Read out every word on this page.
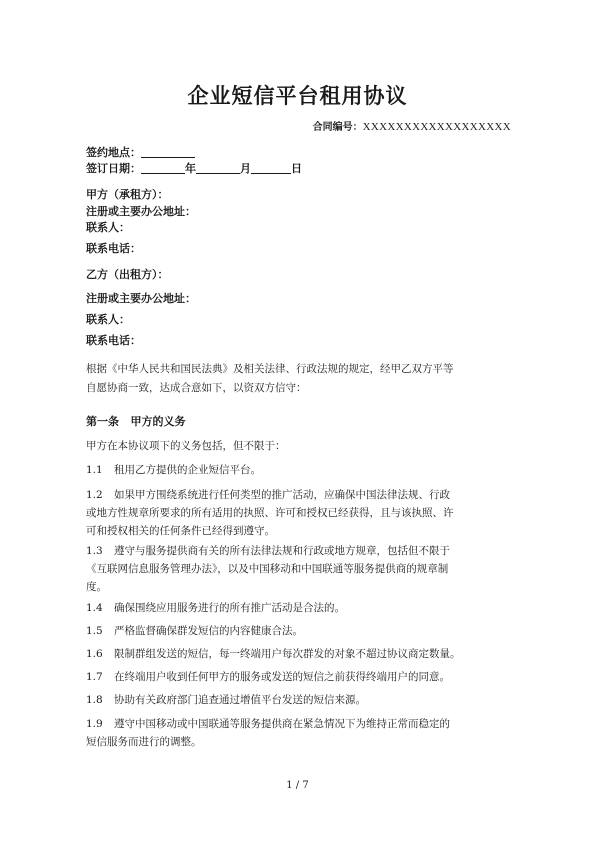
企业短信平台租用协议
合同编号：XXXXXXXXXXXXXXXXXX
签约地点：
签订日期：	年	月	日
甲方（承租方）：
注册或主要办公地址：
联系人：
联系电话：
乙方（出租方）：
注册或主要办公地址：
联系人：
联系电话：
根据《中华人民共和国民法典》及相关法律、行政法规的规定，经甲乙双方平等
自愿协商一致，达成合意如下，以资双方信守：
第一条 甲方的义务
甲方在本协议项下的义务包括，但不限于：
1.1 租用乙方提供的企业短信平台。
1.2 如果甲方围绕系统进行任何类型的推广活动，应确保中国法律法规、行政
或地方性规章所要求的所有适用的执照、许可和授权已经获得，且与该执照、许
可和授权相关的任何条件已经得到遵守。
1.3 遵守与服务提供商有关的所有法律法规和行政或地方规章，包括但不限于
《互联网信息服务管理办法》，以及中国移动和中国联通等服务提供商的规章制
度。
1.4 确保围绕应用服务进行的所有推广活动是合法的。
1.5 严格监督确保群发短信的内容健康合法。
1.6 限制群组发送的短信，每一终端用户每次群发的对象不超过协议商定数量。
1.7 在终端用户收到任何甲方的服务或发送的短信之前获得终端用户的同意。
1.8 协助有关政府部门追查通过增值平台发送的短信来源。
1.9 遵守中国移动或中国联通等服务提供商在紧急情况下为维持正常而稳定的
短信服务而进行的调整。
1 / 7
